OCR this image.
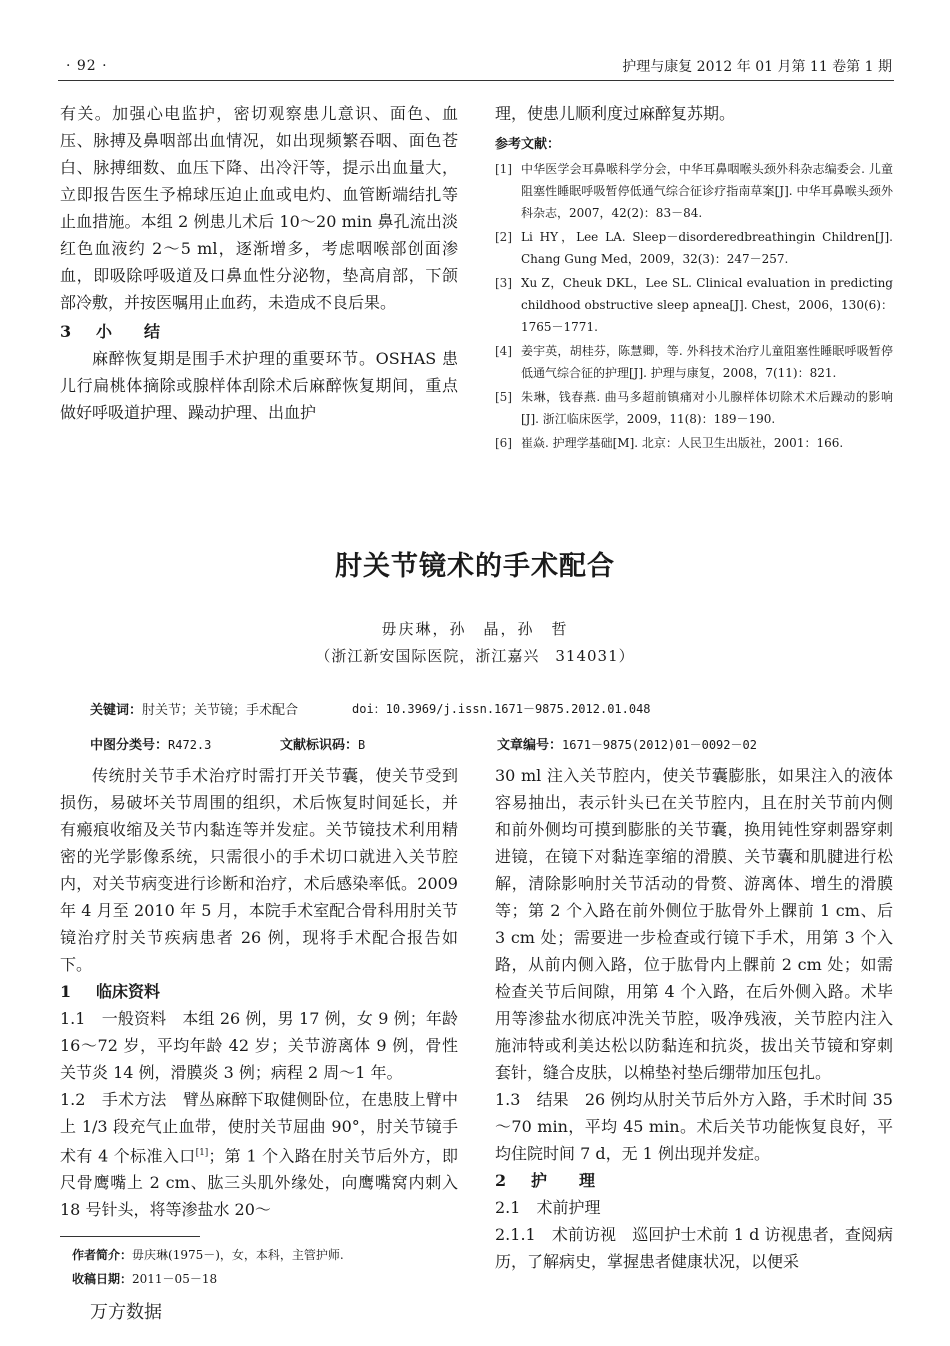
· 92 ·	护理与康复 2012 年 01 月第 11 卷第 1 期

有关。加强心电监护，密切观察患儿意识、面色、血压、脉搏及鼻咽部出血情况，如出现频繁吞咽、面色苍白、脉搏细数、血压下降、出冷汗等，提示出血量大，立即报告医生予棉球压迫止血或电灼、血管断端结扎等止血措施。本组 2 例患儿术后 10～20 min 鼻孔流出淡红色血液约 2～5 ml，逐渐增多，考虑咽喉部创面渗血，即吸除呼吸道及口鼻血性分泌物，垫高肩部，下颌部冷敷，并按医嘱用止血药，未造成不良后果。

3 小　　结

麻醉恢复期是围手术护理的重要环节。OSHAS 患儿行扁桃体摘除或腺样体刮除术后麻醉恢复期间，重点做好呼吸道护理、躁动护理、出血护

理，使患儿顺利度过麻醉复苏期。

参考文献：
[1] 中华医学会耳鼻喉科学分会，中华耳鼻咽喉头颈外科杂志编委会. 儿童阻塞性睡眠呼吸暂停低通气综合征诊疗指南草案[J]. 中华耳鼻喉头颈外科杂志，2007，42(2)：83－84.
[2] Li HY，Lee LA. Sleep－disorderedbreathingin Children[J]. Chang Gung Med，2009，32(3)：247－257.
[3] Xu Z，Cheuk DKL，Lee SL. Clinical evaluation in predicting childhood obstructive sleep apnea[J]. Chest，2006，130(6)：1765－1771.
[4] 姜宇英，胡桂芬，陈慧卿，等. 外科技术治疗儿童阻塞性睡眠呼吸暂停低通气综合征的护理[J]. 护理与康复，2008，7(11)：821.
[5] 朱琳，钱春燕. 曲马多超前镇痛对小儿腺样体切除术术后躁动的影响[J]. 浙江临床医学，2009，11(8)：189－190.
[6] 崔焱. 护理学基础[M]. 北京：人民卫生出版社，2001：166.
肘关节镜术的手术配合
毋庆琳，孙　晶，孙　哲
（浙江新安国际医院，浙江嘉兴　314031）
关键词：肘关节；关节镜；手术配合	doi：10.3969/j.issn.1671－9875.2012.01.048
中图分类号：R472.3	文献标识码：B	文章编号：1671－9875(2012)01－0092－02

传统肘关节手术治疗时需打开关节囊，使关节受到损伤，易破坏关节周围的组织，术后恢复时间延长，并有瘢痕收缩及关节内黏连等并发症。关节镜技术利用精密的光学影像系统，只需很小的手术切口就进入关节腔内，对关节病变进行诊断和治疗，术后感染率低。2009 年 4 月至 2010 年 5 月，本院手术室配合骨科用肘关节镜治疗肘关节疾病患者 26 例，现将手术配合报告如下。

1 临床资料

1.1　一般资料　 本组 26 例，男 17 例，女 9 例；年龄 16～72 岁，平均年龄 42 岁；关节游离体 9 例，骨性关节炎 14 例，滑膜炎 3 例；病程 2 周～1 年。

1.2　手术方法　 臂丛麻醉下取健侧卧位，在患肢上臂中上 1/3 段充气止血带，使肘关节屈曲 90°，肘关节镜手术有 4 个标准入口[1]；第 1 个入路在肘关节后外方，即尺骨鹰嘴上 2 cm、肱三头肌外缘处，向鹰嘴窝内刺入 18 号针头，将等渗盐水 20～

30 ml 注入关节腔内，使关节囊膨胀，如果注入的液体容易抽出，表示针头已在关节腔内，且在肘关节前内侧和前外侧均可摸到膨胀的关节囊，换用钝性穿刺器穿刺进镜，在镜下对黏连挛缩的滑膜、关节囊和肌腱进行松解，清除影响肘关节活动的骨赘、游离体、增生的滑膜等；第 2 个入路在前外侧位于肱骨外上髁前 1 cm、后 3 cm 处；需要进一步检查或行镜下手术，用第 3 个入路，从前内侧入路，位于肱骨内上髁前 2 cm 处；如需检查关节后间隙，用第 4 个入路，在后外侧入路。术毕用等渗盐水彻底冲洗关节腔，吸净残液，关节腔内注入施沛特或利美达松以防黏连和抗炎，拔出关节镜和穿刺套针，缝合皮肤，以棉垫衬垫后绷带加压包扎。

1.3　结果　 26 例均从肘关节后外方入路，手术时间 35～70 min，平均 45 min。术后关节功能恢复良好，平均住院时间 7 d，无 1 例出现并发症。

2 护　　理

2.1　术前护理

2.1.1　术前访视　 巡回护士术前 1 d 访视患者，查阅病历，了解病史，掌握患者健康状况，以便采

作者简介：毋庆琳(1975－)，女，本科，主管护师.
收稿日期：2011－05－18
万方数据
